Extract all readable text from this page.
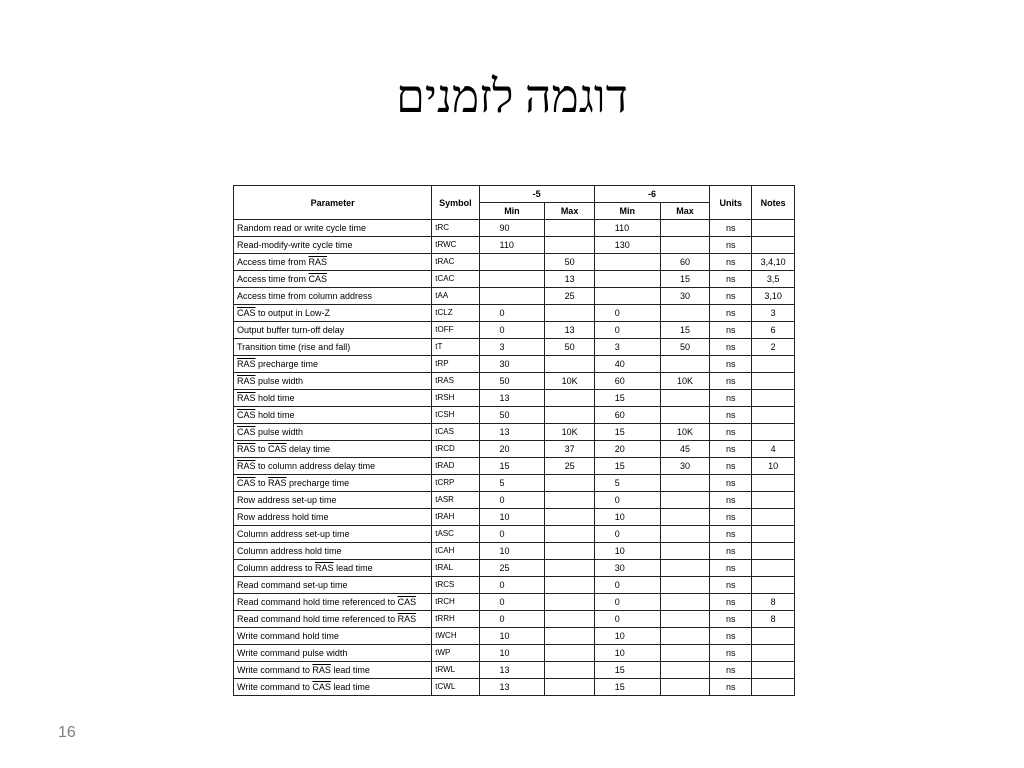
דוגמה לזמנים
Parameter	Symbol	-5		-6		Units	Notes
		Min	Max	Min	Max		
Random read or write cycle time	tRC	90		110		ns	
Read-modify-write cycle time	tRWC	110		130		ns	
Access time from $\overline{RAS}$	tRAC		50		60	ns	3,4,10
Access time from $\overline{CAS}$	tCAC		13		15	ns	3,5
Access time from column address	tAA		25		30	ns	3,10
$\overline{CAS}$ to output in Low-Z	tCLZ	0		0		ns	3
Output buffer turn-off delay	tOFF	0	13	0	15	ns	6
Transition time (rise and fall)	tT	3	50	3	50	ns	2
$\overline{RAS}$ precharge time	tRP	30		40		ns	
$\overline{RAS}$ pulse width	tRAS	50	10K	60	10K	ns	
$\overline{RAS}$ hold time	tRSH	13		15		ns	
$\overline{CAS}$ hold time	tCSH	50		60		ns	
$\overline{CAS}$ pulse width	tCAS	13	10K	15	10K	ns	
$\overline{RAS}$ to $\overline{CAS}$ delay time	tRCD	20	37	20	45	ns	4
$\overline{RAS}$ to column address delay time	tRAD	15	25	15	30	ns	10
$\overline{CAS}$ to $\overline{RAS}$ precharge time	tCRP	5		5		ns	
Row address set-up time	tASR	0		0		ns	
Row address hold time	tRAH	10		10		ns	
Column address set-up time	tASC	0		0		ns	
Column address hold time	tCAH	10		10		ns	
Column address to $\overline{RAS}$ lead time	tRAL	25		30		ns	
Read command set-up time	tRCS	0		0		ns	
Read command hold time referenced to $\overline{CAS}$	tRCH	0		0		ns	8
Read command hold time referenced to $\overline{RAS}$	tRRH	0		0		ns	8
Write command hold time	tWCH	10		10		ns	
Write command pulse width	tWP	10		10		ns	
Write command to $\overline{RAS}$ lead time	tRWL	13		15		ns	
Write command to $\overline{CAS}$ lead time	tCWL	13		15		ns	
16
